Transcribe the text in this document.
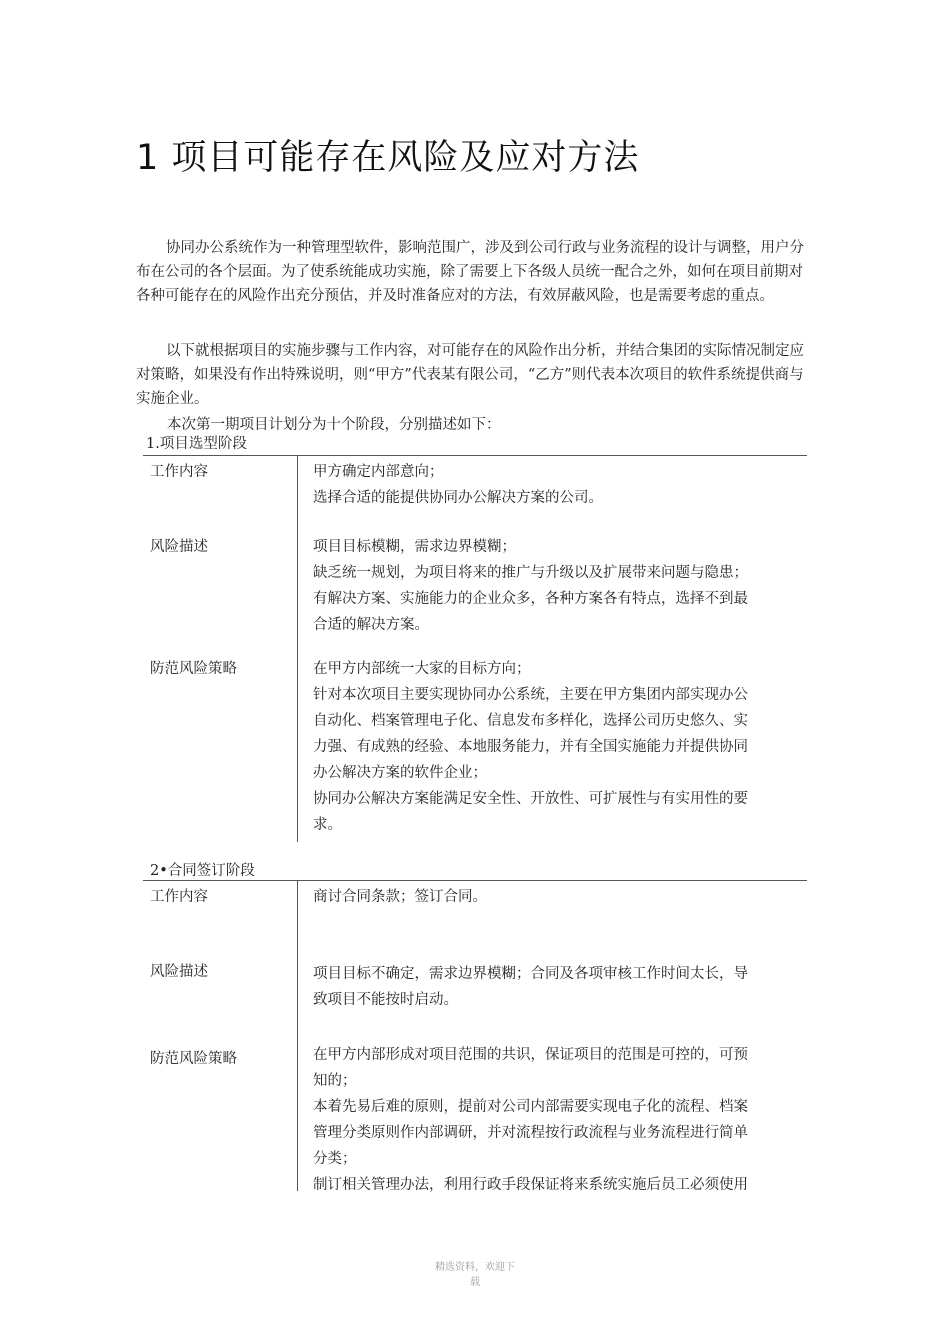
1 项目可能存在风险及应对方法

协同办公系统作为一种管理型软件，影响范围广，涉及到公司行政与业务流程的设计与调整，用户分布在公司的各个层面。为了使系统能成功实施，除了需要上下各级人员统一配合之外，如何在项目前期对各种可能存在的风险作出充分预估，并及时准备应对的方法，有效屏蔽风险，也是需要考虑的重点。

以下就根据项目的实施步骤与工作内容，对可能存在的风险作出分析，并结合集团的实际情况制定应对策略，如果没有作出特殊说明，则“甲方”代表某有限公司，“乙方”则代表本次项目的软件系统提供商与实施企业。

本次第一期项目计划分为十个阶段，分别描述如下：

1.项目选型阶段

工作内容	甲方确定内部意向；
选择合适的能提供协同办公解决方案的公司。

风险描述	项目目标模糊，需求边界模糊；
缺乏统一规划，为项目将来的推广与升级以及扩展带来问题与隐患；
有解决方案、实施能力的企业众多，各种方案各有特点，选择不到最
合适的解决方案。

防范风险策略	在甲方内部统一大家的目标方向；
针对本次项目主要实现协同办公系统，主要在甲方集团内部实现办公
自动化、档案管理电子化、信息发布多样化，选择公司历史悠久、实
力强、有成熟的经验、本地服务能力，并有全国实施能力并提供协同
办公解决方案的软件企业；
协同办公解决方案能满足安全性、开放性、可扩展性与有实用性的要
求。

2•合同签订阶段

工作内容	商讨合同条款；签订合同。

风险描述	项目目标不确定，需求边界模糊；合同及各项审核工作时间太长，导
致项目不能按时启动。

防范风险策略	在甲方内部形成对项目范围的共识，保证项目的范围是可控的，可预
知的；
本着先易后难的原则，提前对公司内部需要实现电子化的流程、档案
管理分类原则作内部调研，并对流程按行政流程与业务流程进行简单
分类；
制订相关管理办法，利用行政手段保证将来系统实施后员工必须使用
精选资料，欢迎下
载
